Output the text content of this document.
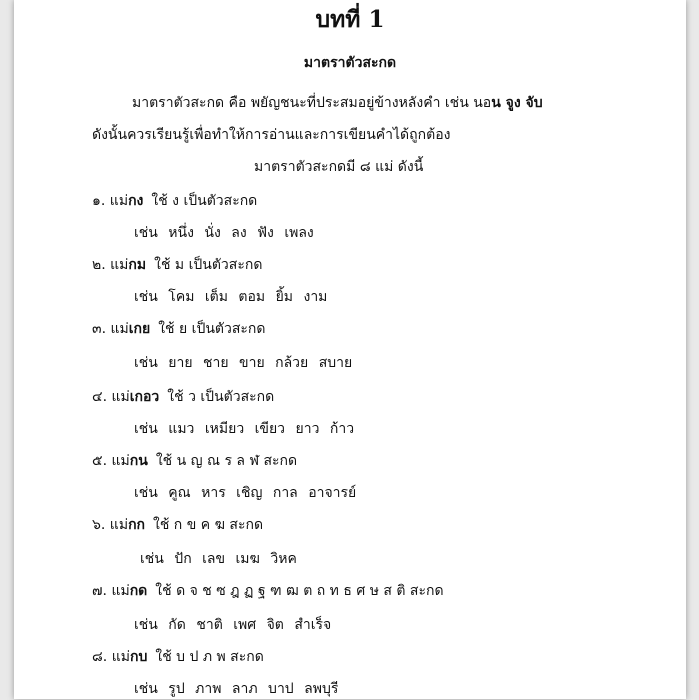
บทที่ 1
มาตราตัวสะกด
มาตราตัวสะกด คือ พยัญชนะที่ประสมอยู่ข้างหลังคำ เช่น นอน จูง จับ
ดังนั้นควรเรียนรู้เพื่อทำให้การอ่านและการเขียนคำได้ถูกต้อง
มาตราตัวสะกดมี ๘ แม่ ดังนี้
๑. แม่กง ใช้ ง เป็นตัวสะกด
เช่น หนึ่ง นั่ง ลง ฟัง เพลง
๒. แม่กม ใช้ ม เป็นตัวสะกด
เช่น โคม เต็ม ตอม ยิ้ม งาม
๓. แม่เกย ใช้ ย เป็นตัวสะกด
เช่น ยาย ชาย ขาย กล้วย สบาย
๔. แม่เกอว ใช้ ว เป็นตัวสะกด
เช่น แมว เหมียว เขียว ยาว ก้าว
๕. แม่กน ใช้ น ญ ณ ร ล ฬ สะกด
เช่น คูณ หาร เชิญ กาล อาจารย์
๖. แม่กก ใช้ ก ข ค ฆ สะกด
เช่น ปัก เลข เมฆ วิหค
๗. แม่กด ใช้ ด จ ช ซ ฎ ฏ ฐ ฑ ฒ ต ถ ท ธ ศ ษ ส ติ สะกด
เช่น กัด ชาติ เพศ จิต สำเร็จ
๘. แม่กบ ใช้ บ ป ภ พ สะกด
เช่น รูป ภาพ ลาภ บาป ลพบุรี
